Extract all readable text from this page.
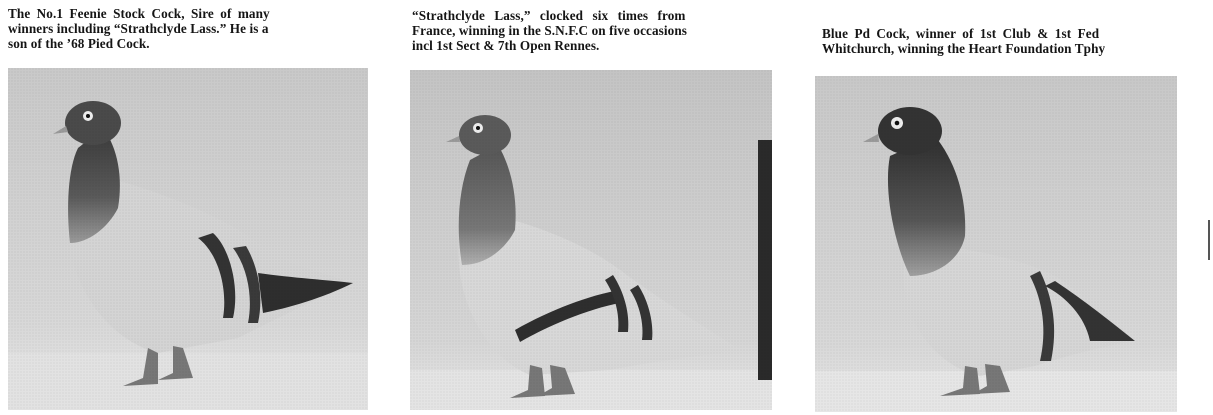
The No.1 Feenie Stock Cock, Sire of many
winners including “Strathclyde Lass.” He is a
son of the ’68 Pied Cock.
“Strathclyde Lass,” clocked six times from
France, winning in the S.N.F.C on five occasions
incl 1st Sect & 7th Open Rennes.
Blue Pd Cock, winner of 1st Club & 1st Fed
Whitchurch, winning the Heart Foundation Tphy
